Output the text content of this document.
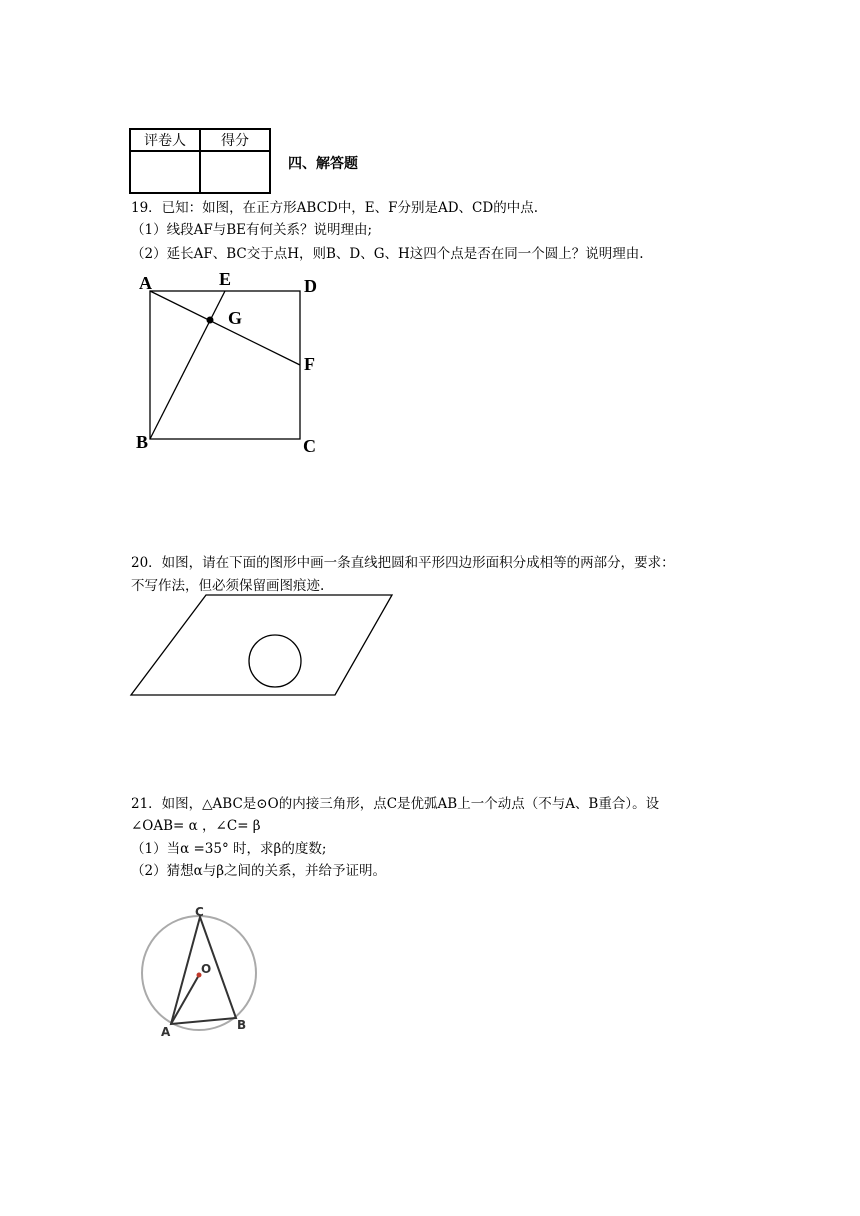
评卷人	得分

四、解答题
19．已知：如图，在正方形ABCD中，E、F分别是AD、CD的中点.
（1）线段AF与BE有何关系？说明理由;
（2）延长AF、BC交于点H，则B、D、G、H这四个点是否在同一个圆上？说明理由.
A	E	D
G
F
B	C
20．如图，请在下面的图形中画一条直线把圆和平形四边形面积分成相等的两部分，要求：
不写作法，但必须保留画图痕迹.
21．如图，△ABC是⊙O的内接三角形，点C是优弧AB上一个动点（不与A、B重合）。设
∠OAB= α ，∠C= β
（1）当α =35° 时，求β的度数;
（2）猜想α与β之间的关系，并给予证明。
C
O
A	B
